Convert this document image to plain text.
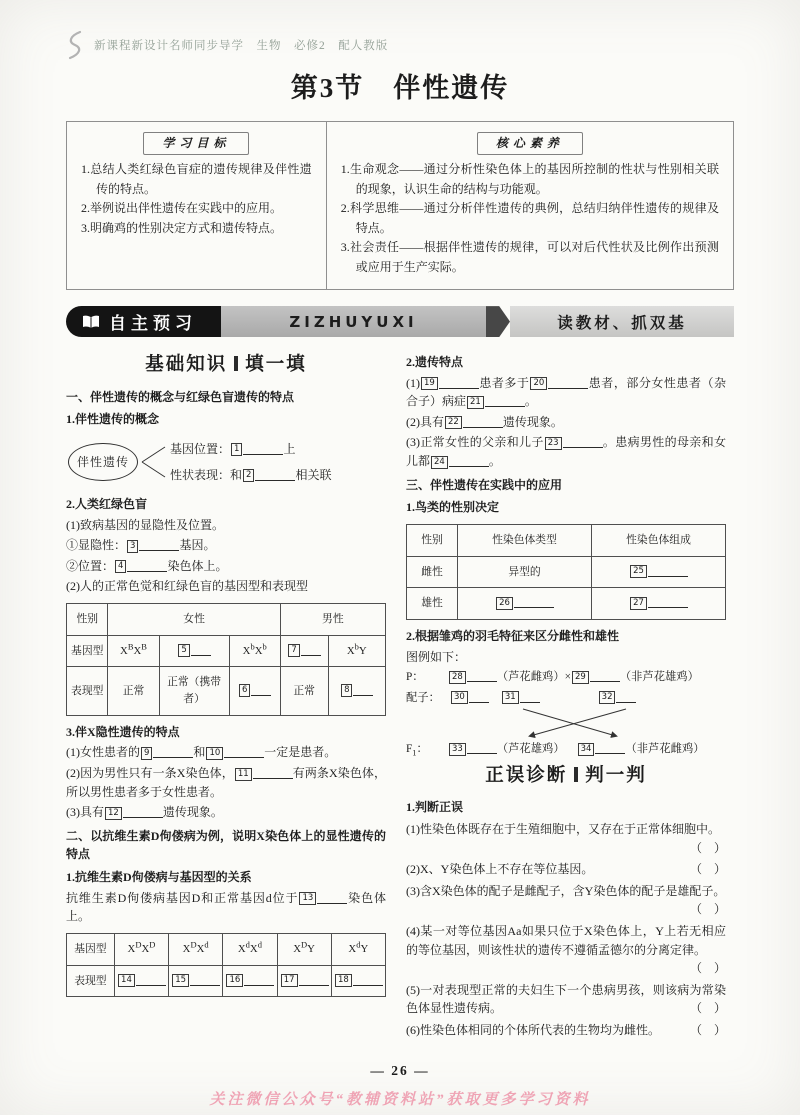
新课程新设计名师同步导学　生物　必修2　配人教版
第3节　伴性遗传
学习目标
1.总结人类红绿色盲症的遗传规律及伴性遗传的特点。
2.举例说出伴性遗传在实践中的应用。
3.明确鸡的性别决定方式和遗传特点。
核心素养
1.生命观念——通过分析性染色体上的基因所控制的性状与性别相关联的现象，认识生命的结构与功能观。
2.科学思维——通过分析伴性遗传的典例，总结归纳伴性遗传的规律及特点。
3.社会责任——根据伴性遗传的规律，可以对后代性状及比例作出预测或应用于生产实际。
自主预习	ZIZHUYUXI	读教材、抓双基
基础知识 填一填
一、伴性遗传的概念与红绿色盲遗传的特点
1.伴性遗传的概念
伴性遗传
基因位置： 1	上
性状表现：和 2	相关联
2.人类红绿色盲
(1)致病基因的显隐性及位置。
①显隐性： 3	基因。
②位置： 4	染色体上。
(2)人的正常色觉和红绿色盲的基因型和表现型
性别	女性			男性	
基因型	$X^BX^B$	5	$X^bX^b$	7	$X^bY$
表现型	正常	正常（携带者）	6	正常	8
3.伴X隐性遗传的特点
(1)女性患者的 9	和 10	一定是患者。
(2)因为男性只有一条X染色体， 11	有两条X染色体，所以男性患者多于女性患者。
(3)具有 12	遗传现象。
二、以抗维生素D佝偻病为例，说明X染色体上的显性遗传的特点
1.抗维生素D佝偻病与基因型的关系
抗维生素D佝偻病基因D和正常基因d位于 13	染色体上。
基因型	$X^DX^D$	$X^DX^d$	$X^dX^d$	$X^DY$	$X^dY$
表现型	14	15	16	17	18
2.遗传特点
(1) 19	患者多于 20	患者，部分女性患者（杂合子）病症 21	。
(2)具有 22	遗传现象。
(3)正常女性的父亲和儿子 23	。患病男性的母亲和女儿都 24	。
三、伴性遗传在实践中的应用
1.鸟类的性别决定
性别	性染色体类型	性染色体组成
雌性	异型的	25
雄性	26	27
2.根据雏鸡的羽毛特征来区分雌性和雄性
图例如下：
P：	28	（芦花雌鸡）× 29	（非芦花雄鸡）
配子：	30	31	32
$F_1$：	33	（芦花雄鸡）	34	（非芦花雌鸡）
正误诊断 判一判
1.判断正误
(1)性染色体既存在于生殖细胞中，又存在于正常体细胞中。
（　）
(2)X、Y染色体上不存在等位基因。	（　）
(3)含X染色体的配子是雌配子，含Y染色体的配子是雄配子。
（　）
(4)某一对等位基因Aa如果只位于X染色体上，Y上若无相应的等位基因，则该性状的遗传不遵循孟德尔的分离定律。
（　）
(5)一对表现型正常的夫妇生下一个患病男孩，则该病为常染色体显性遗传病。	（　）
(6)性染色体相同的个体所代表的生物均为雌性。 （　）
— 26 —
关注微信公众号“教辅资料站”获取更多学习资料
